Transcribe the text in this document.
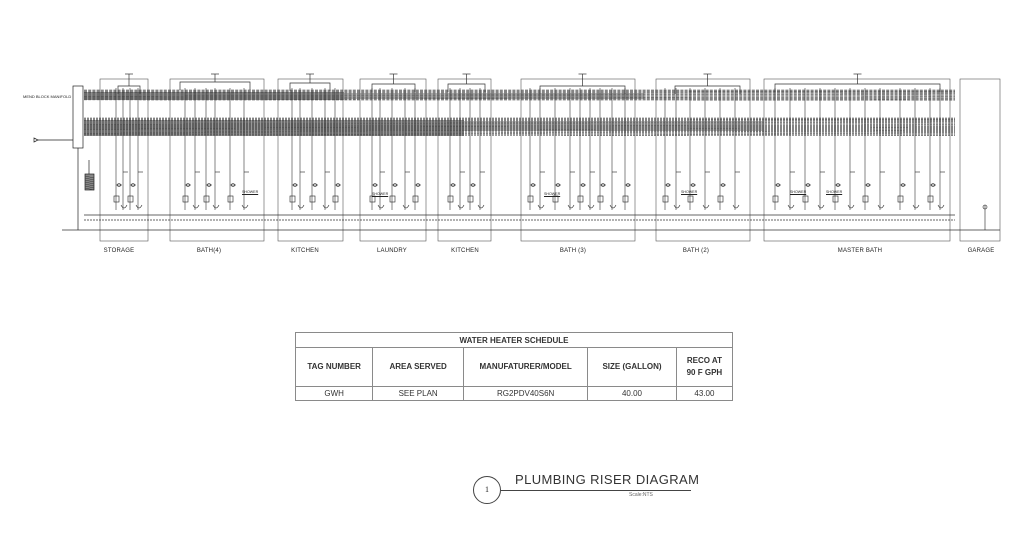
MEND BLOCK MANIFOLD
STORAGE	BATH(4)	KITCHEN	LAUNDRY	KITCHEN	BATH (3)	BATH (2)	MASTER BATH	GARAGE
SHOWER	SHOWER	SHOWER	SHOWER	SHOWER	SHOWER
WATER HEATER SCHEDULE				
TAG NUMBER	AREA SERVED	MANUFATURER/MODEL	SIZE (GALLON)	RECO AT 90 F GPH
GWH	SEE PLAN	RG2PDV40S6N	40.00	43.00
1
PLUMBING RISER DIAGRAM
Scale:NTS
